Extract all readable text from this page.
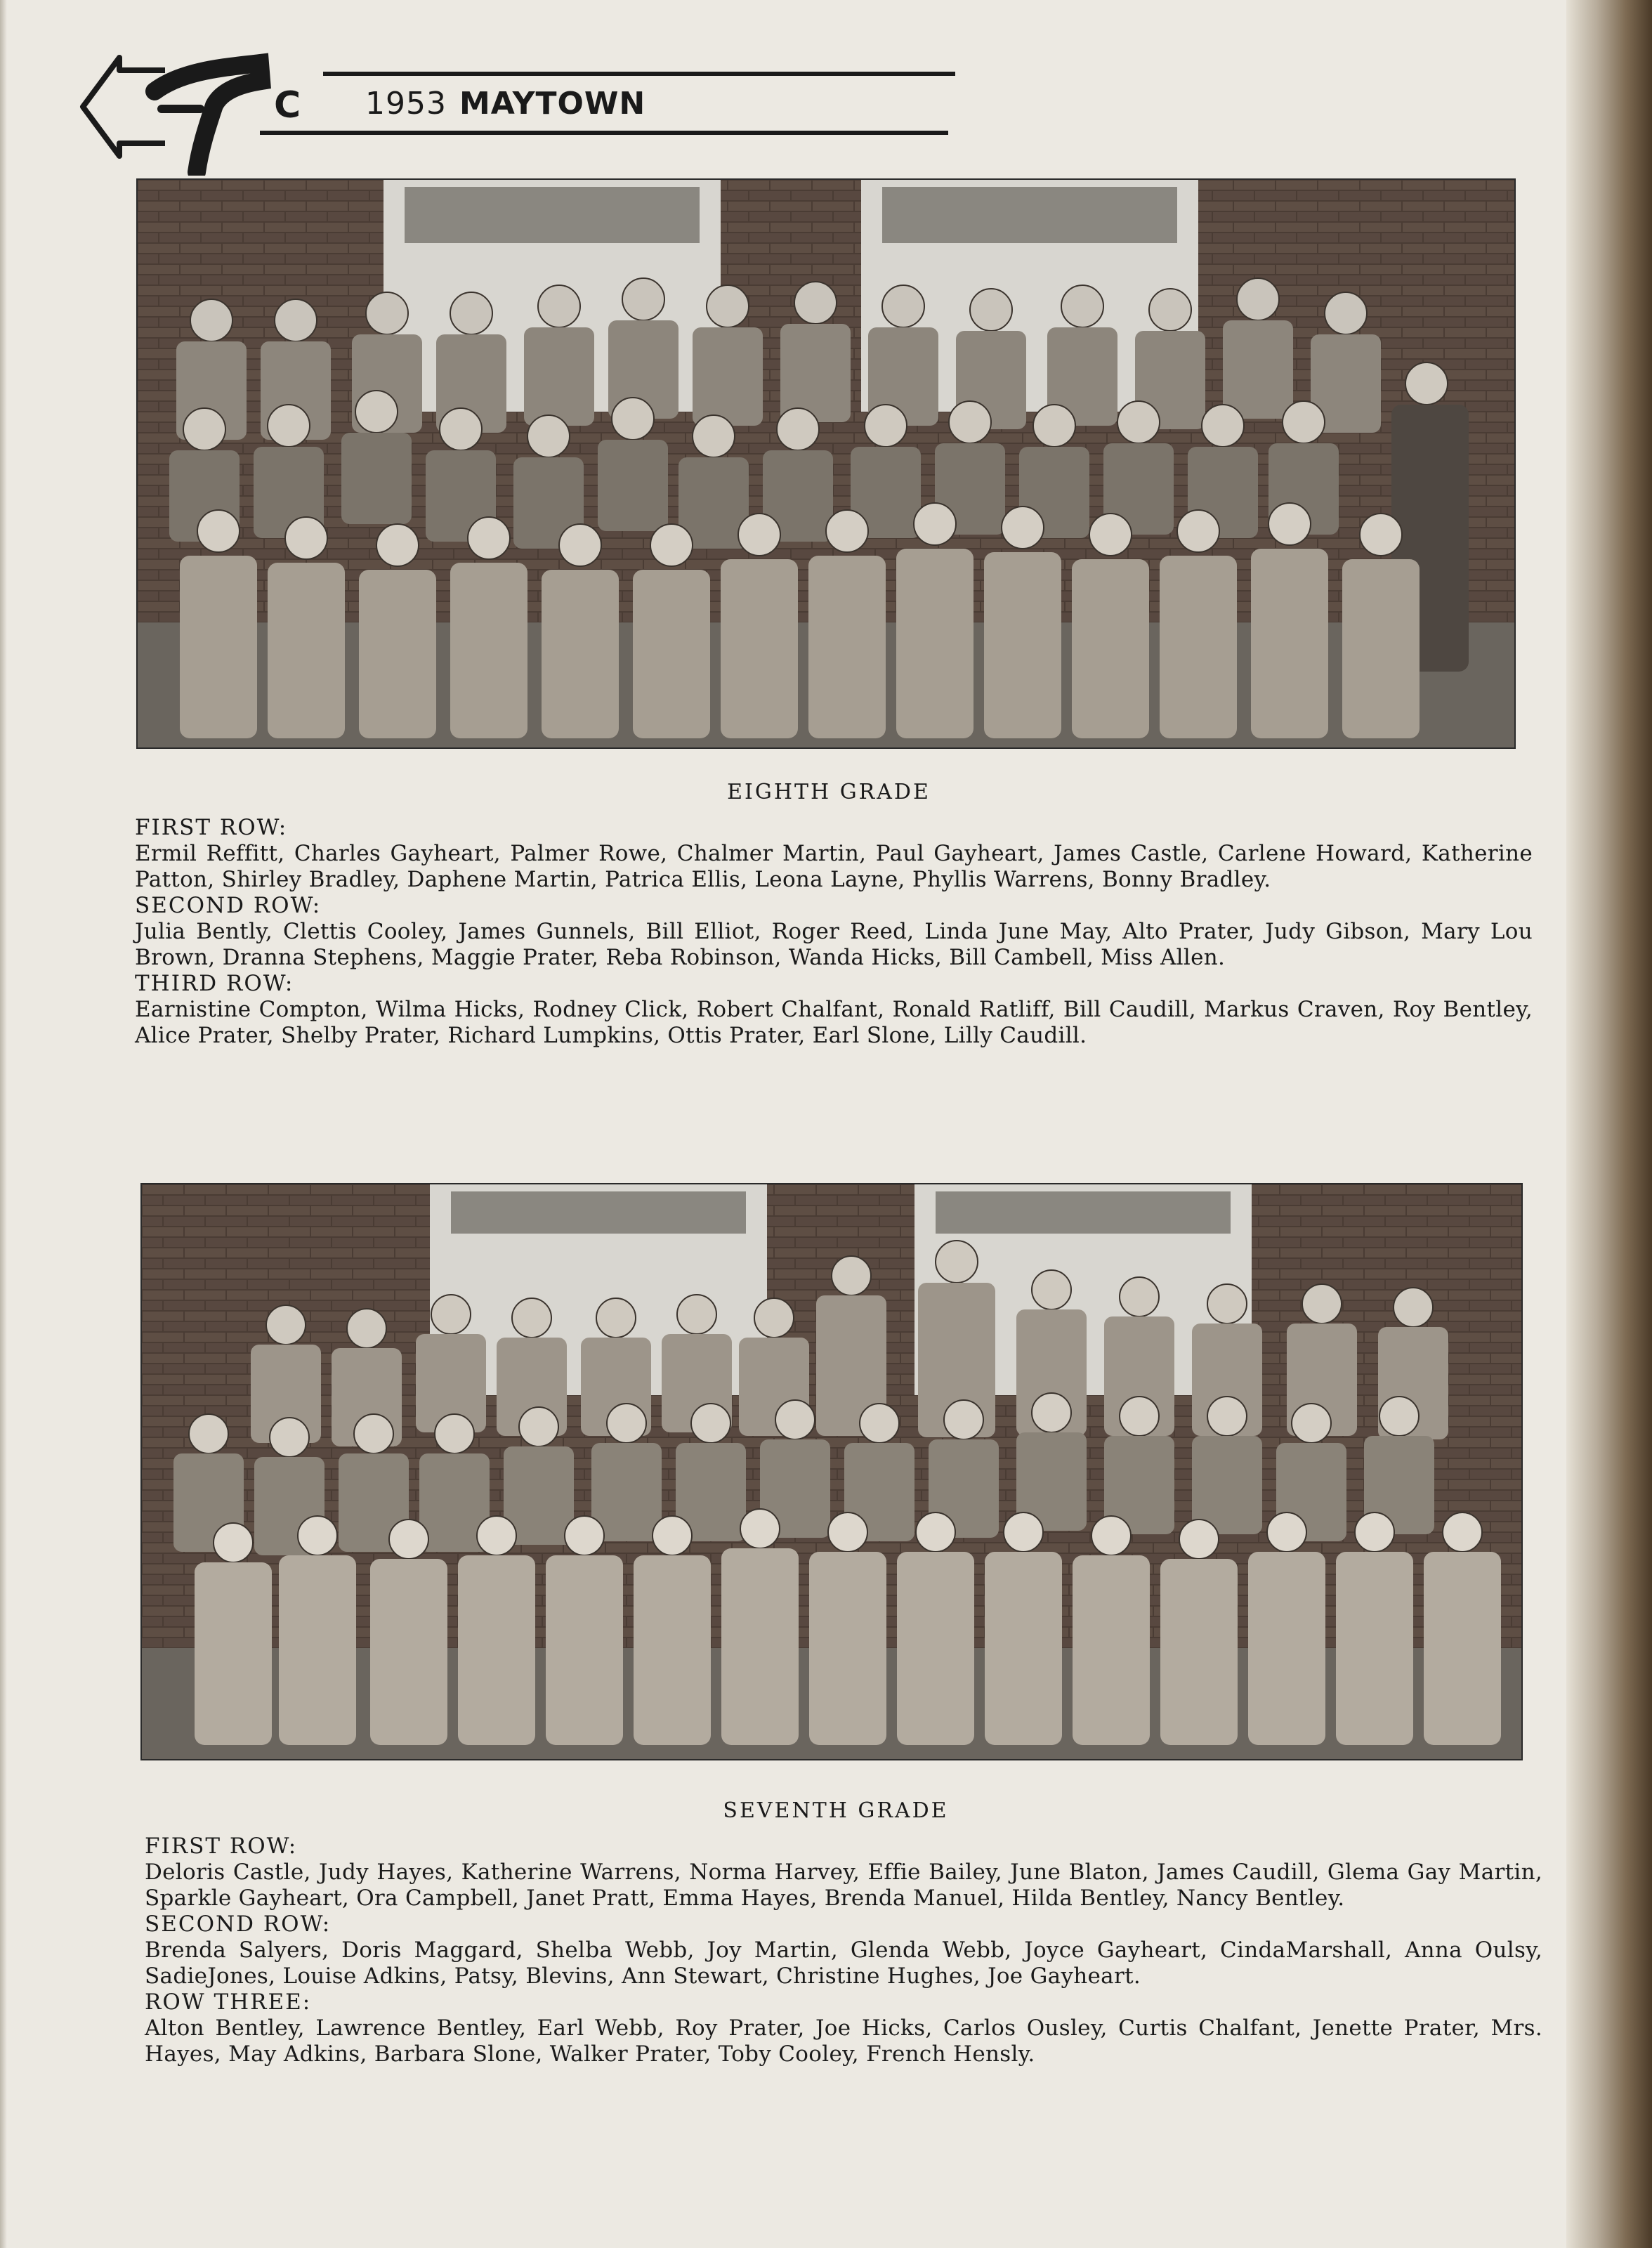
C 1953 MAYTOWN
EIGHTH GRADE
FIRST ROW:
Ermil Reffitt, Charles Gayheart, Palmer Rowe, Chalmer Martin, Paul Gayheart, James Castle, Carlene Howard, Katherine Patton, Shirley Bradley, Daphene Martin, Patrica Ellis, Leona Layne, Phyllis Warrens, Bonny Bradley.
SECOND ROW:
Julia Bently, Clettis Cooley, James Gunnels, Bill Elliot, Roger Reed, Linda June May, Alto Prater, Judy Gibson, Mary Lou Brown, Dranna Stephens, Maggie Prater, Reba Robinson, Wanda Hicks, Bill Cambell, Miss Allen.
THIRD ROW:
Earnistine Compton, Wilma Hicks, Rodney Click, Robert Chalfant, Ronald Ratliff, Bill Caudill, Markus Craven, Roy Bentley, Alice Prater, Shelby Prater, Richard Lumpkins, Ottis Prater, Earl Slone, Lilly Caudill.
SEVENTH GRADE
FIRST ROW:
Deloris Castle, Judy Hayes, Katherine Warrens, Norma Harvey, Effie Bailey, June Blaton, James Caudill, Glema Gay Martin, Sparkle Gayheart, Ora Campbell, Janet Pratt, Emma Hayes, Brenda Manuel, Hilda Bentley, Nancy Bentley.
SECOND ROW:
Brenda Salyers, Doris Maggard, Shelba Webb, Joy Martin, Glenda Webb, Joyce Gayheart, CindaMarshall, Anna Oulsy, SadieJones, Louise Adkins, Patsy, Blevins, Ann Stewart, Christine Hughes, Joe Gayheart.
ROW THREE:
Alton Bentley, Lawrence Bentley, Earl Webb, Roy Prater, Joe Hicks, Carlos Ousley, Curtis Chalfant, Jenette Prater, Mrs. Hayes, May Adkins, Barbara Slone, Walker Prater, Toby Cooley, French Hensly.
